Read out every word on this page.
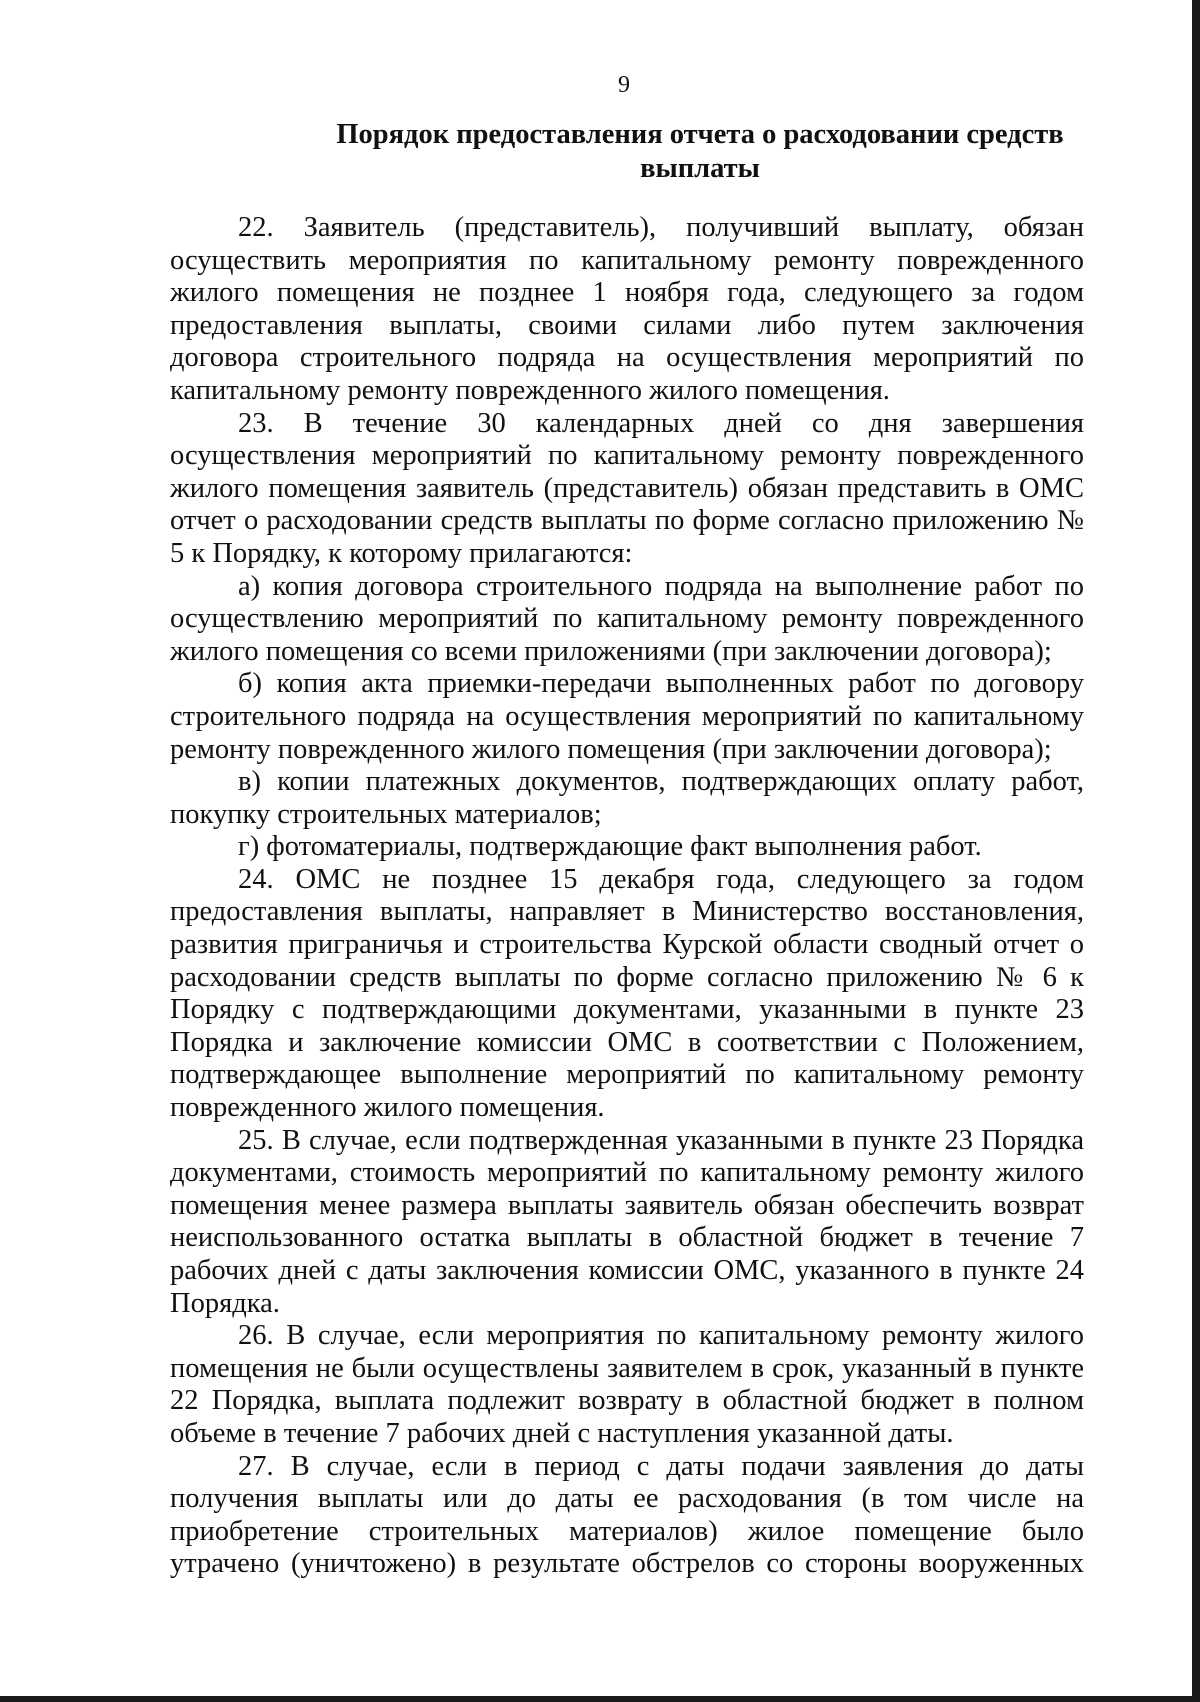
9
Порядок предоставления отчета о расходовании средств
выплаты

22. Заявитель (представитель), получивший выплату, обязан осуществить мероприятия по капитальному ремонту поврежденного жилого помещения не позднее 1 ноября года, следующего за годом предоставления выплаты, своими силами либо путем заключения договора строительного подряда на осуществления мероприятий по капитальному ремонту поврежденного жилого помещения.

23. В течение 30 календарных дней со дня завершения осуществления мероприятий по капитальному ремонту поврежденного жилого помещения заявитель (представитель) обязан представить в ОМС отчет о расходовании средств выплаты по форме согласно приложению № 5 к Порядку, к которому прилагаются:

а) копия договора строительного подряда на выполнение работ по осуществлению мероприятий по капитальному ремонту поврежденного жилого помещения со всеми приложениями (при заключении договора);

б) копия акта приемки-передачи выполненных работ по договору строительного подряда на осуществления мероприятий по капитальному ремонту поврежденного жилого помещения (при заключении договора);

в) копии платежных документов, подтверждающих оплату работ, покупку строительных материалов;

г) фотоматериалы, подтверждающие факт выполнения работ.

24. ОМС не позднее 15 декабря года, следующего за годом предоставления выплаты, направляет в Министерство восстановления, развития приграничья и строительства Курской области сводный отчет о расходовании средств выплаты по форме согласно приложению № 6 к Порядку с подтверждающими документами, указанными в пункте 23 Порядка и заключение комиссии ОМС в соответствии с Положением, подтверждающее выполнение мероприятий по капитальному ремонту поврежденного жилого помещения.

25. В случае, если подтвержденная указанными в пункте 23 Порядка документами, стоимость мероприятий по капитальному ремонту жилого помещения менее размера выплаты заявитель обязан обеспечить возврат неиспользованного остатка выплаты в областной бюджет в течение 7 рабочих дней с даты заключения комиссии ОМС, указанного в пункте 24 Порядка.

26. В случае, если мероприятия по капитальному ремонту жилого помещения не были осуществлены заявителем в срок, указанный в пункте 22 Порядка, выплата подлежит возврату в областной бюджет в полном объеме в течение 7 рабочих дней с наступления указанной даты.

27. В случае, если в период с даты подачи заявления до даты получения выплаты или до даты ее расходования (в том числе на приобретение строительных материалов) жилое помещение было утрачено (уничтожено) в результате обстрелов со стороны вооруженных
